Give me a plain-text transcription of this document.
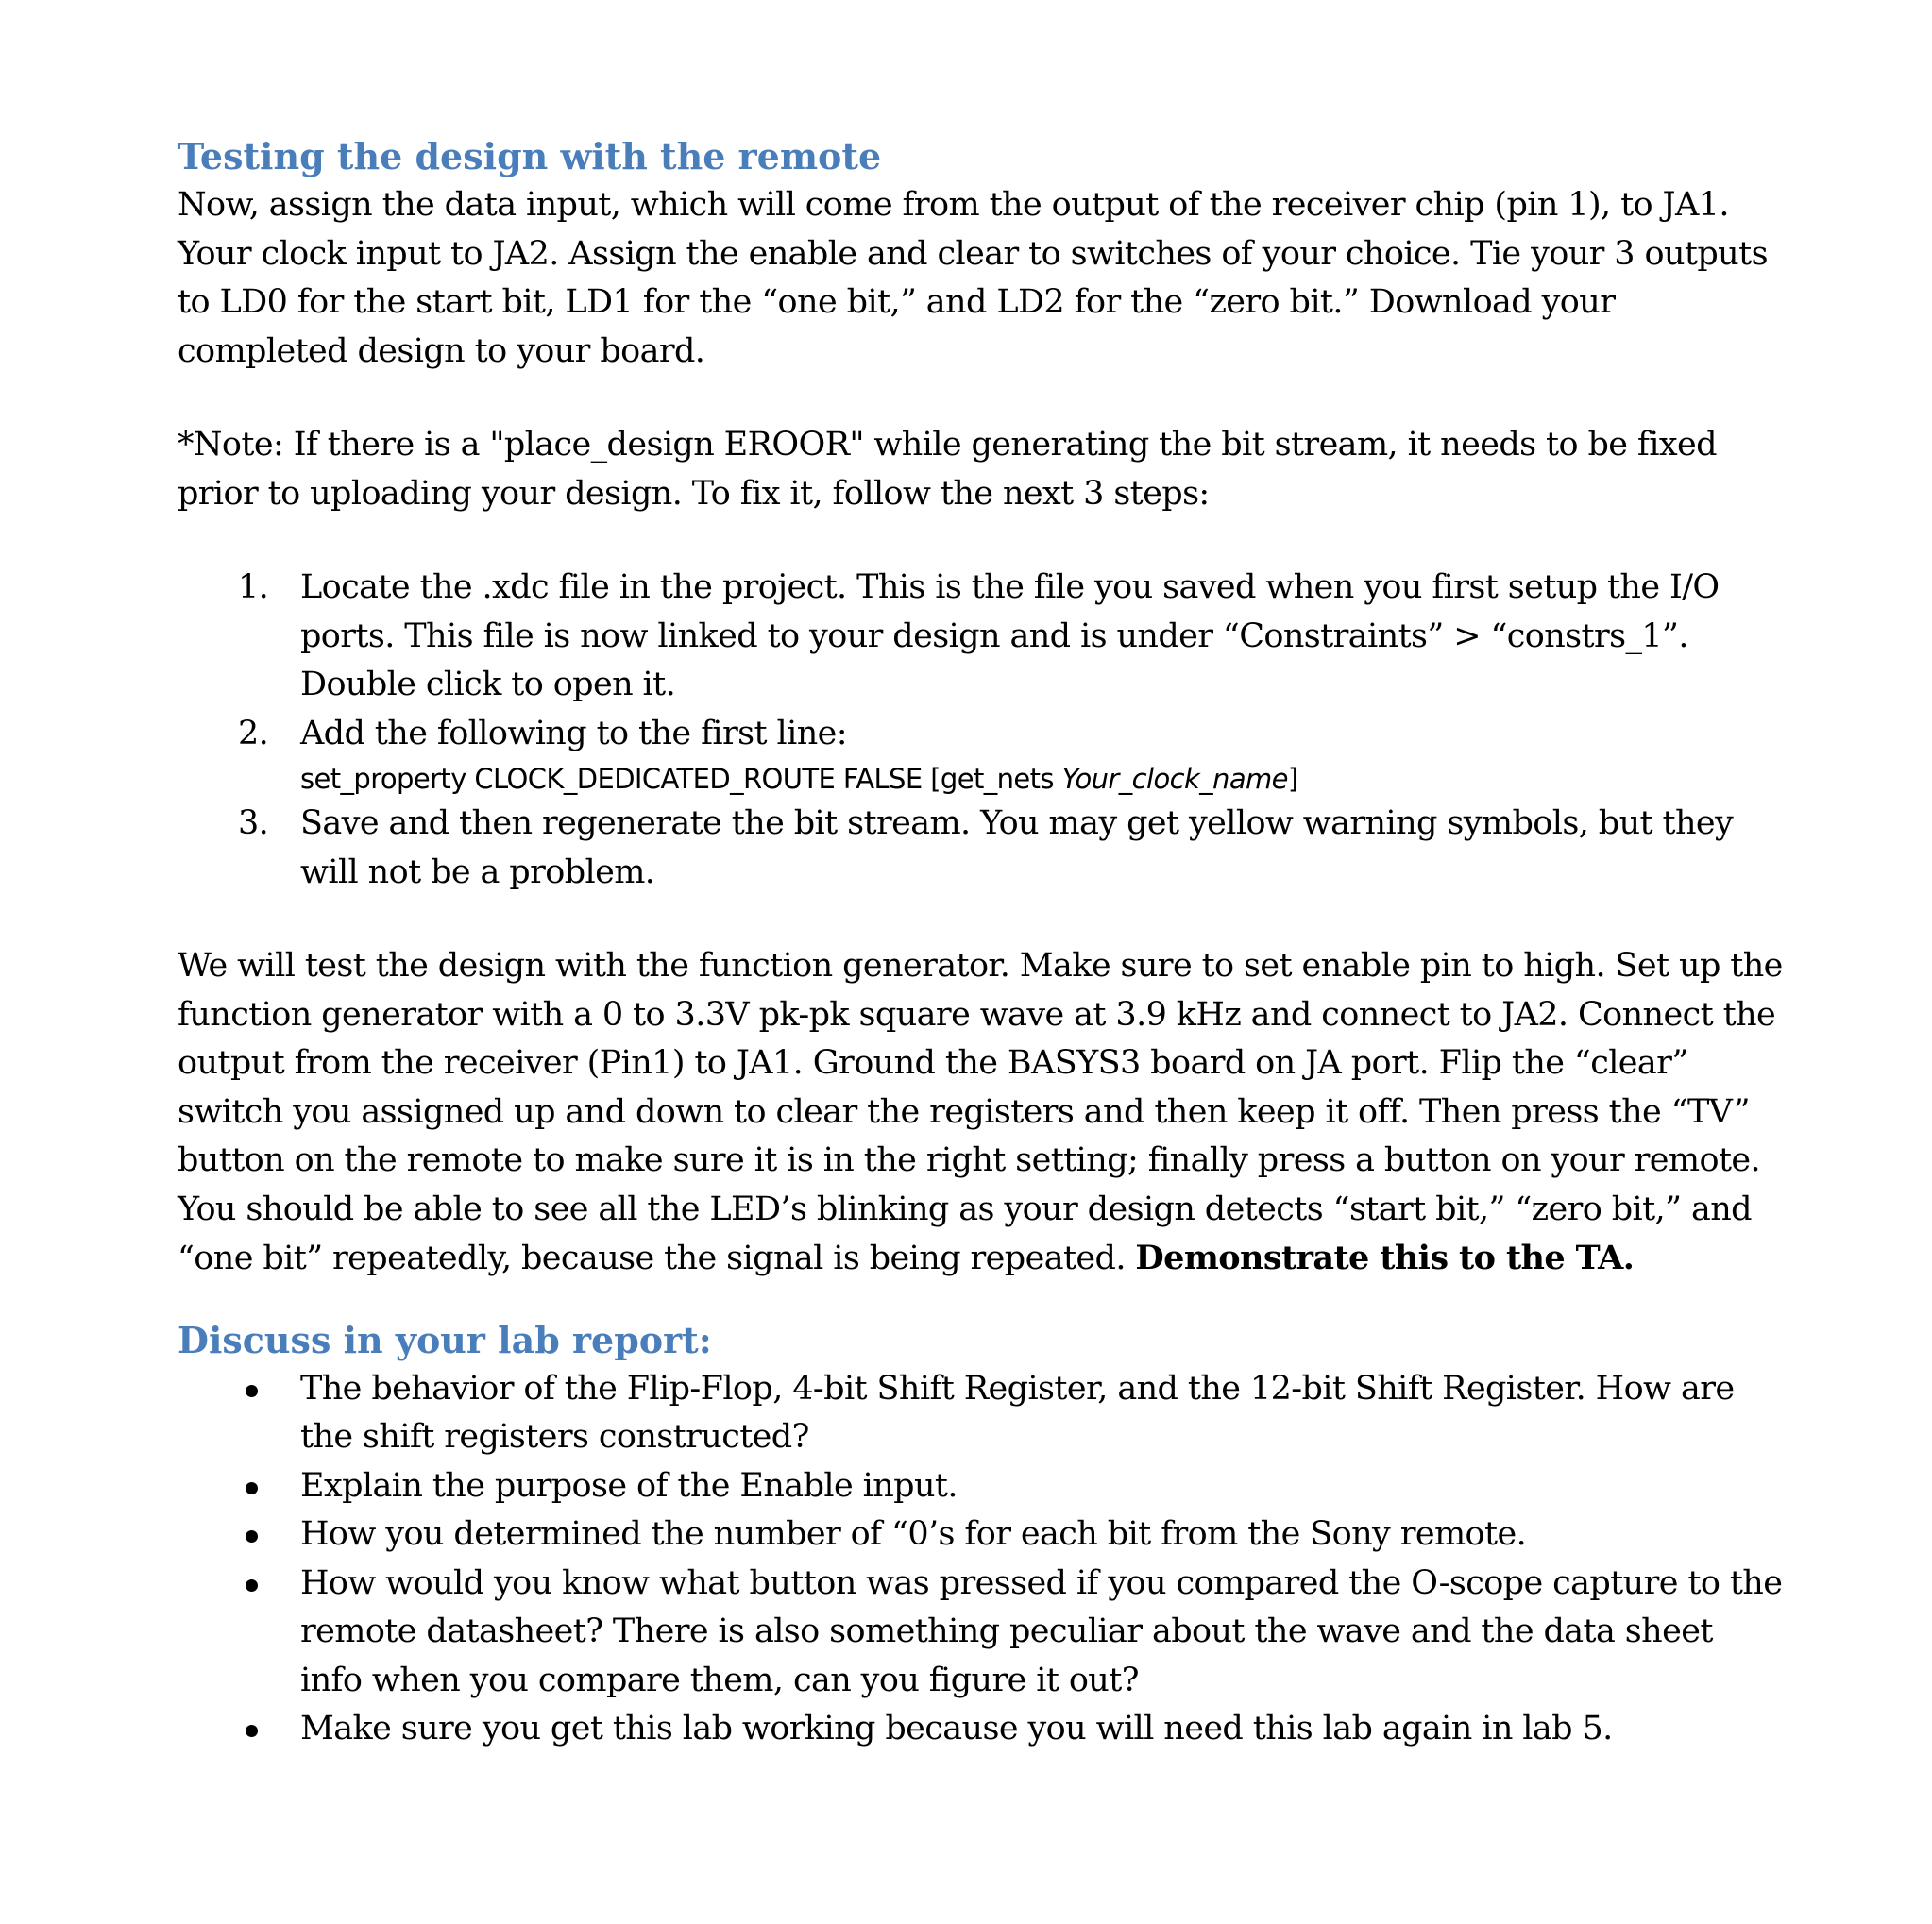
Testing the design with the remote

Now, assign the data input, which will come from the output of the receiver chip (pin 1), to JA1. Your clock input to JA2. Assign the enable and clear to switches of your choice. Tie your 3 outputs to LD0 for the start bit, LD1 for the “one bit,” and LD2 for the “zero bit.” Download your completed design to your board.

*Note: If there is a "place_design EROOR" while generating the bit stream, it needs to be fixed prior to uploading your design. To fix it, follow the next 3 steps:

1. Locate the .xdc file in the project. This is the file you saved when you first setup the I/O ports. This file is now linked to your design and is under “Constraints” > “constrs_1”. Double click to open it.
2. Add the following to the first line:
set_property CLOCK_DEDICATED_ROUTE FALSE [get_nets Your_clock_name]
3. Save and then regenerate the bit stream. You may get yellow warning symbols, but they will not be a problem.

We will test the design with the function generator. Make sure to set enable pin to high. Set up the function generator with a 0 to 3.3V pk-pk square wave at 3.9 kHz and connect to JA2. Connect the output from the receiver (Pin1) to JA1. Ground the BASYS3 board on JA port. Flip the “clear” switch you assigned up and down to clear the registers and then keep it off. Then press the “TV” button on the remote to make sure it is in the right setting; finally press a button on your remote. You should be able to see all the LED’s blinking as your design detects “start bit,” “zero bit,” and “one bit” repeatedly, because the signal is being repeated. Demonstrate this to the TA.

Discuss in your lab report:
The behavior of the Flip-Flop, 4-bit Shift Register, and the 12-bit Shift Register. How are the shift registers constructed?
Explain the purpose of the Enable input.
How you determined the number of “0’s for each bit from the Sony remote.
How would you know what button was pressed if you compared the O-scope capture to the remote datasheet? There is also something peculiar about the wave and the data sheet info when you compare them, can you figure it out?
Make sure you get this lab working because you will need this lab again in lab 5.
